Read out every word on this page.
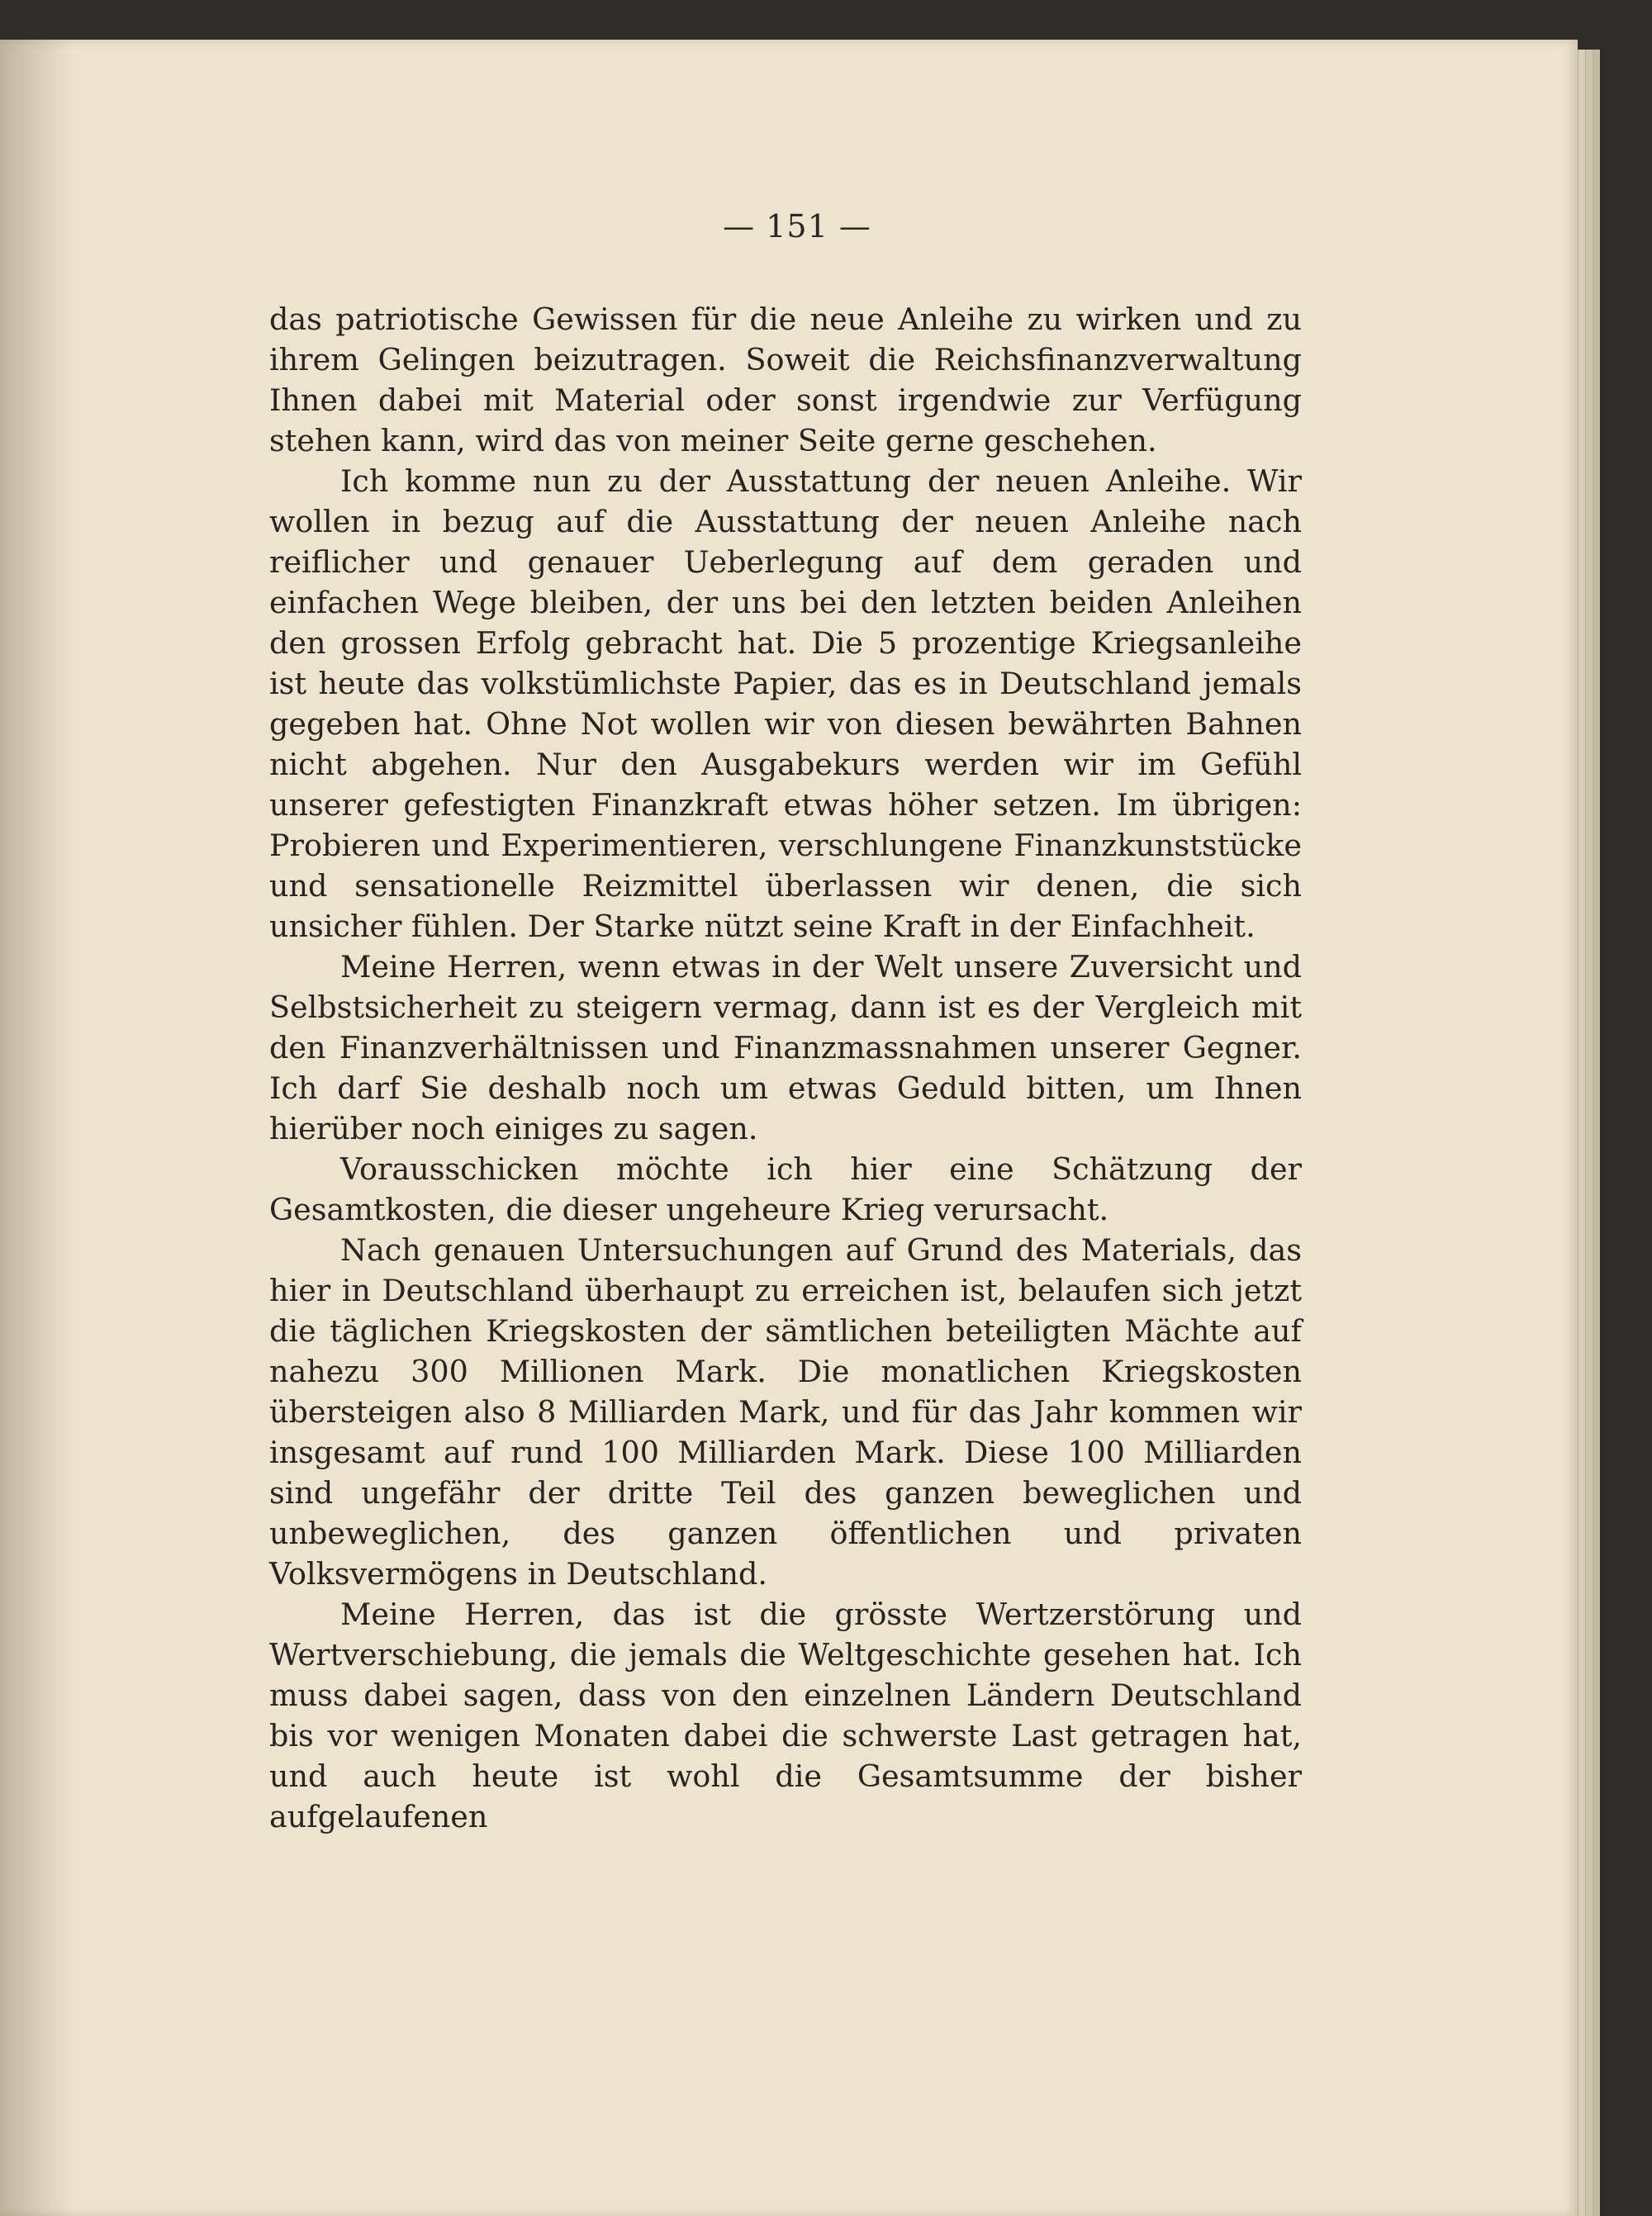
— 151 —

das patriotische Gewissen für die neue Anleihe zu wirken und zu ihrem Gelingen beizutragen. Soweit die Reichsfinanzverwaltung Ihnen dabei mit Material oder sonst irgendwie zur Verfügung stehen kann, wird das von meiner Seite gerne geschehen.

Ich komme nun zu der Ausstattung der neuen Anleihe. Wir wollen in bezug auf die Ausstattung der neuen Anleihe nach reiflicher und genauer Ueberlegung auf dem geraden und einfachen Wege bleiben, der uns bei den letzten beiden Anleihen den grossen Erfolg gebracht hat. Die 5 prozentige Kriegsanleihe ist heute das volkstümlichste Papier, das es in Deutschland jemals gegeben hat. Ohne Not wollen wir von diesen bewährten Bahnen nicht abgehen. Nur den Ausgabekurs werden wir im Gefühl unserer gefestigten Finanzkraft etwas höher setzen. Im übrigen: Probieren und Experimentieren, verschlungene Finanzkunststücke und sensationelle Reizmittel überlassen wir denen, die sich unsicher fühlen. Der Starke nützt seine Kraft in der Einfachheit.

Meine Herren, wenn etwas in der Welt unsere Zuversicht und Selbstsicherheit zu steigern vermag, dann ist es der Vergleich mit den Finanzverhältnissen und Finanzmassnahmen unserer Gegner. Ich darf Sie deshalb noch um etwas Geduld bitten, um Ihnen hierüber noch einiges zu sagen.

Vorausschicken möchte ich hier eine Schätzung der Gesamtkosten, die dieser ungeheure Krieg verursacht.

Nach genauen Untersuchungen auf Grund des Materials, das hier in Deutschland überhaupt zu erreichen ist, belaufen sich jetzt die täglichen Kriegskosten der sämtlichen beteiligten Mächte auf nahezu 300 Millionen Mark. Die monatlichen Kriegskosten übersteigen also 8 Milliarden Mark, und für das Jahr kommen wir insgesamt auf rund 100 Milliarden Mark. Diese 100 Milliarden sind ungefähr der dritte Teil des ganzen beweglichen und unbeweglichen, des ganzen öffentlichen und privaten Volksvermögens in Deutschland.

Meine Herren, das ist die grösste Wertzerstörung und Wertverschiebung, die jemals die Weltgeschichte gesehen hat. Ich muss dabei sagen, dass von den einzelnen Ländern Deutschland bis vor wenigen Monaten dabei die schwerste Last getragen hat, und auch heute ist wohl die Gesamtsumme der bisher aufgelaufenen
